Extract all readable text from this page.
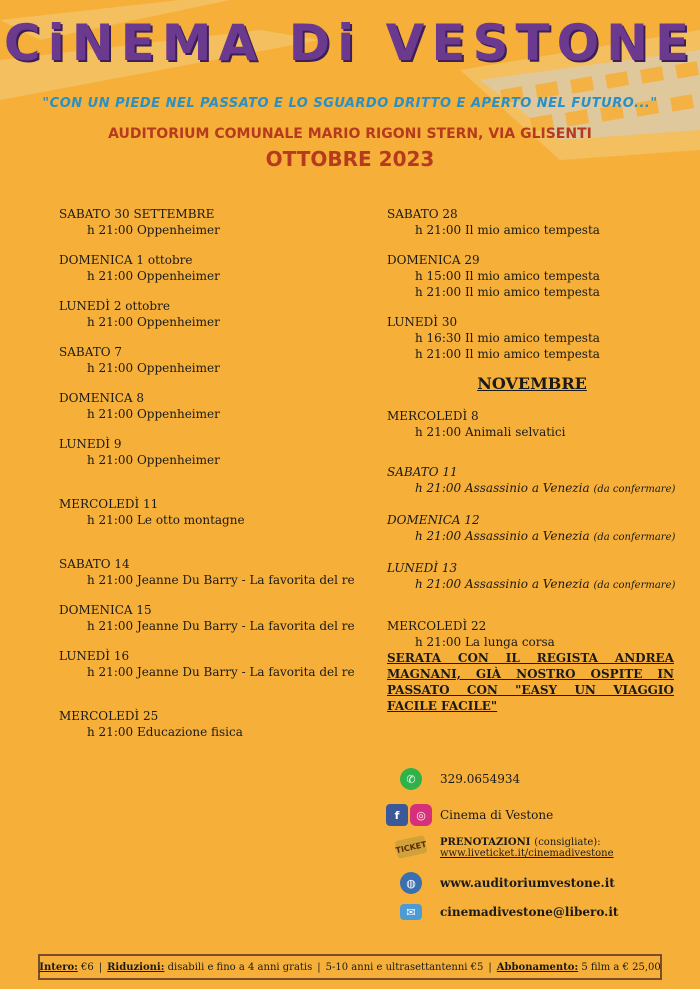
CiNEMA Di VESTONE
"CON UN PIEDE NEL PASSATO E LO SGUARDO DRITTO E APERTO NEL FUTURO..."
AUDITORIUM COMUNALE MARIO RIGONI STERN, VIA GLISENTI
OTTOBRE 2023
SABATO 30 SETTEMBRE
h 21:00 Oppenheimer
DOMENICA 1 ottobre
h 21:00 Oppenheimer
LUNEDÌ 2 ottobre
h 21:00 Oppenheimer
SABATO 7
h 21:00 Oppenheimer
DOMENICA 8
h 21:00 Oppenheimer
LUNEDÌ 9
h 21:00 Oppenheimer
MERCOLEDÌ 11
h 21:00 Le otto montagne
SABATO 14
h 21:00 Jeanne Du Barry - La favorita del re
DOMENICA 15
h 21:00 Jeanne Du Barry - La favorita del re
LUNEDÌ 16
h 21:00 Jeanne Du Barry - La favorita del re
MERCOLEDÌ 25
h 21:00 Educazione fisica
SABATO 28
h 21:00 Il mio amico tempesta
DOMENICA 29
h 15:00 Il mio amico tempesta
h 21:00 Il mio amico tempesta
LUNEDÌ 30
h 16:30 Il mio amico tempesta
h 21:00 Il mio amico tempesta
NOVEMBRE
MERCOLEDÌ 8
h 21:00 Animali selvatici
SABATO 11
h 21:00 Assassinio a Venezia (da confermare)
DOMENICA 12
h 21:00 Assassinio a Venezia (da confermare)
LUNEDÌ 13
h 21:00 Assassinio a Venezia (da confermare)
MERCOLEDÌ 22
h 21:00 La lunga corsa
SERATA CON IL REGISTA ANDREA MAGNANI, GIÀ NOSTRO OSPITE IN PASSATO CON "EASY UN VIAGGIO FACILE FACILE"
✆	329.0654934
f	◎	Cinema di Vestone
TICKET PRENOTAZIONI (consigliate):
www.liveticket.it/cinemadivestone
◍	www.auditoriumvestone.it
✉	cinemadivestone@libero.it
Intero:
€6 | Riduzioni:
disabili e fino a 4 anni gratis | 5-10 anni e ultrasettantenni €5 | Abbonamento:
5 film a € 25,00
